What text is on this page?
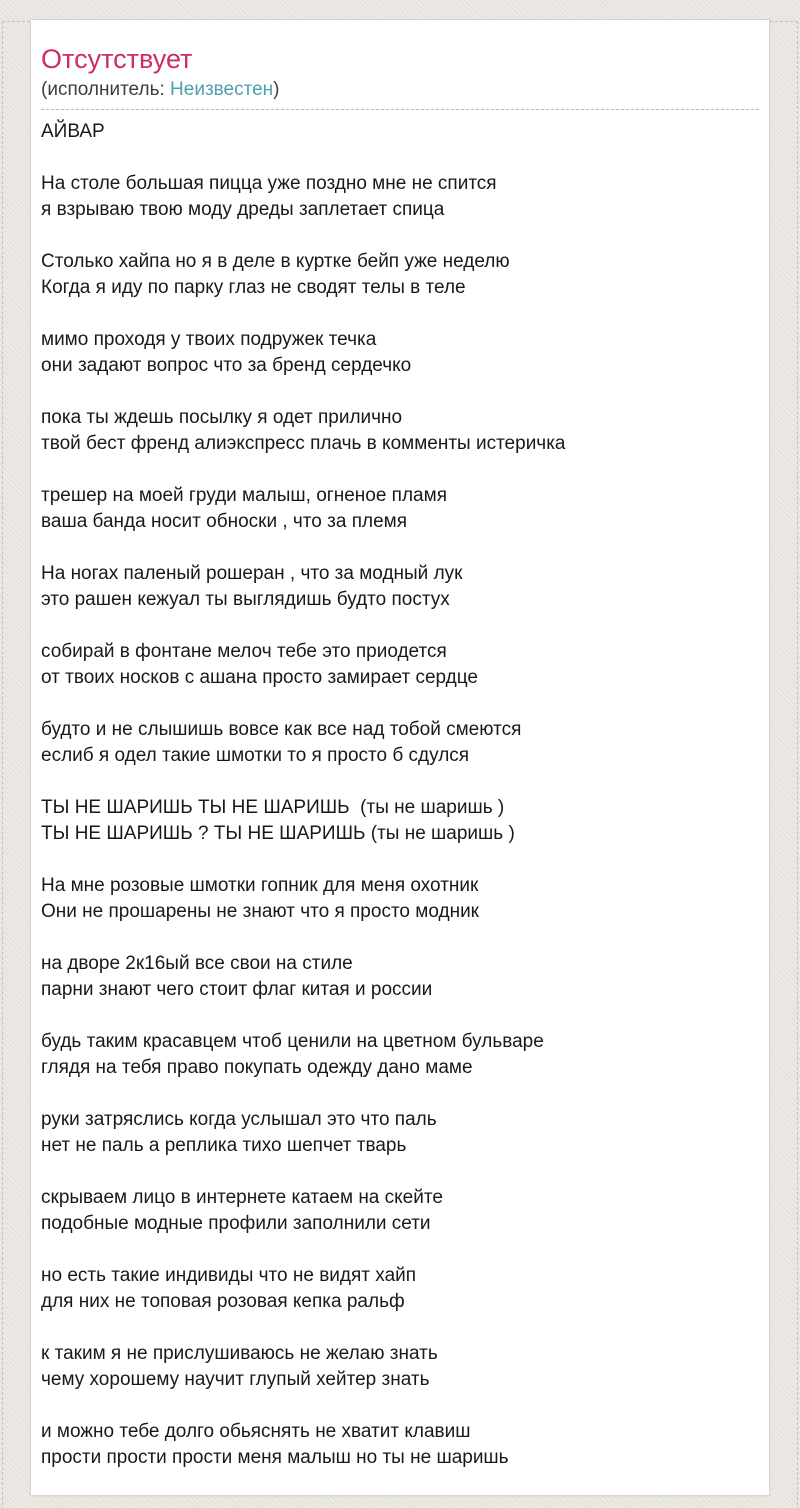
Отсутствует
(исполнитель: Неизвестен)
АЙВАР

На столе большая пицца уже поздно мне не спится
я взрываю твою моду дреды заплетает спица

Столько хайпа но я в деле в куртке бейп уже неделю
Когда я иду по парку глаз не сводят телы в теле

мимо проходя у твоих подружек течка
они задают вопрос что за бренд сердечко

пока ты ждешь посылку я одет прилично
твой бест френд алиэкспресс плачь в комменты истеричка

трешер на моей груди малыш, огненое пламя
ваша банда носит обноски , что за племя

На ногах паленый рошеран , что за модный лук
это рашен кежуал ты выглядишь будто постух

собирай в фонтане мелоч тебе это приодется
от твоих носков с ашана просто замирает сердце

будто и не слышишь вовсе как все над тобой смеются
еслиб я одел такие шмотки то я просто б сдулся

ТЫ НЕ ШАРИШЬ ТЫ НЕ ШАРИШЬ  (ты не шаришь )
ТЫ НЕ ШАРИШЬ ? ТЫ НЕ ШАРИШЬ (ты не шаришь )

На мне розовые шмотки гопник для меня охотник
Они не прошарены не знают что я просто модник

на дворе 2к16ый все свои на стиле
парни знают чего стоит флаг китая и россии

будь таким красавцем чтоб ценили на цветном бульваре
глядя на тебя право покупать одежду дано маме

руки затряслись когда услышал это что паль
нет не паль а реплика тихо шепчет тварь

скрываем лицо в интернете катаем на скейте
подобные модные профили заполнили сети

но есть такие индивиды что не видят хайп
для них не топовая розовая кепка ральф

к таким я не прислушиваюсь не желаю знать
чему хорошему научит глупый хейтер знать

и можно тебе долго обьяснять не хватит клавиш
прости прости прости меня малыш но ты не шаришь
